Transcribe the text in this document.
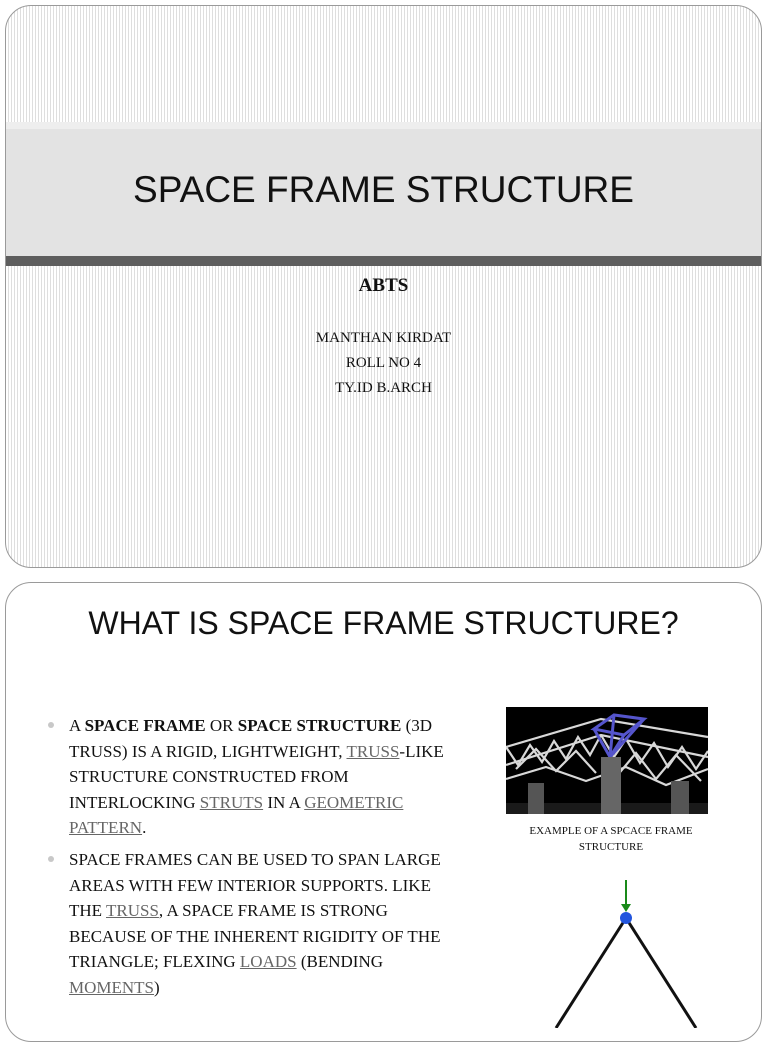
SPACE FRAME STRUCTURE
ABTS
MANTHAN KIRDAT
ROLL NO 4
TY.ID B.ARCH
WHAT IS SPACE FRAME STRUCTURE?
A SPACE FRAME OR SPACE STRUCTURE (3D TRUSS) IS A RIGID, LIGHTWEIGHT, TRUSS-LIKE STRUCTURE CONSTRUCTED FROM INTERLOCKING STRUTS IN A GEOMETRIC PATTERN.
SPACE FRAMES CAN BE USED TO SPAN LARGE AREAS WITH FEW INTERIOR SUPPORTS. LIKE THE TRUSS, A SPACE FRAME IS STRONG BECAUSE OF THE INHERENT RIGIDITY OF THE TRIANGLE; FLEXING LOADS (BENDING MOMENTS)
EXAMPLE OF A SPCACE FRAME STRUCTURE
